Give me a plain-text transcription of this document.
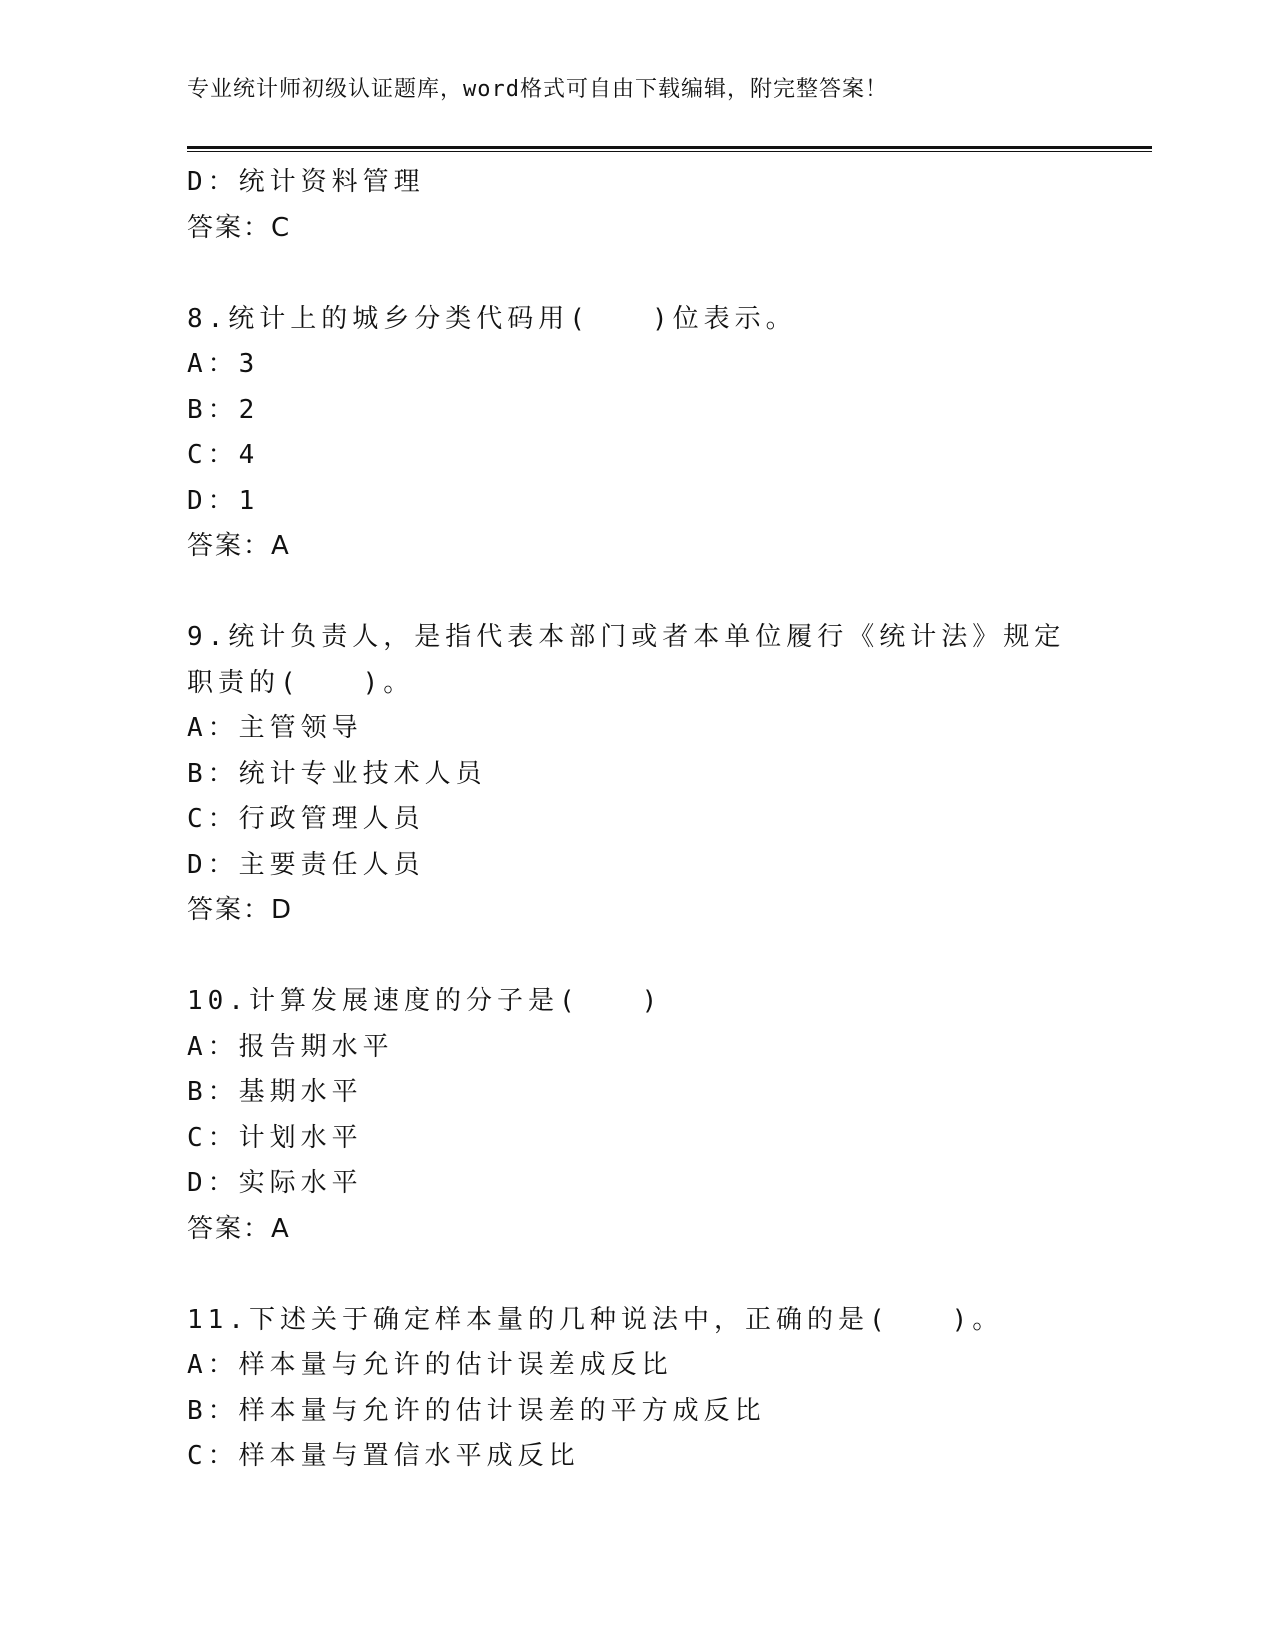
专业统计师初级认证题库，word格式可自由下载编辑，附完整答案！
D：统计资料管理
答案：C
8.统计上的城乡分类代码用(　　)位表示。
A：3
B：2
C：4
D：1
答案：A
9.统计负责人，是指代表本部门或者本单位履行《统计法》规定职责的(　　)。
A：主管领导
B：统计专业技术人员
C：行政管理人员
D：主要责任人员
答案：D
10.计算发展速度的分子是(　　)
A：报告期水平
B：基期水平
C：计划水平
D：实际水平
答案：A
11.下述关于确定样本量的几种说法中，正确的是(　　)。
A：样本量与允许的估计误差成反比
B：样本量与允许的估计误差的平方成反比
C：样本量与置信水平成反比
